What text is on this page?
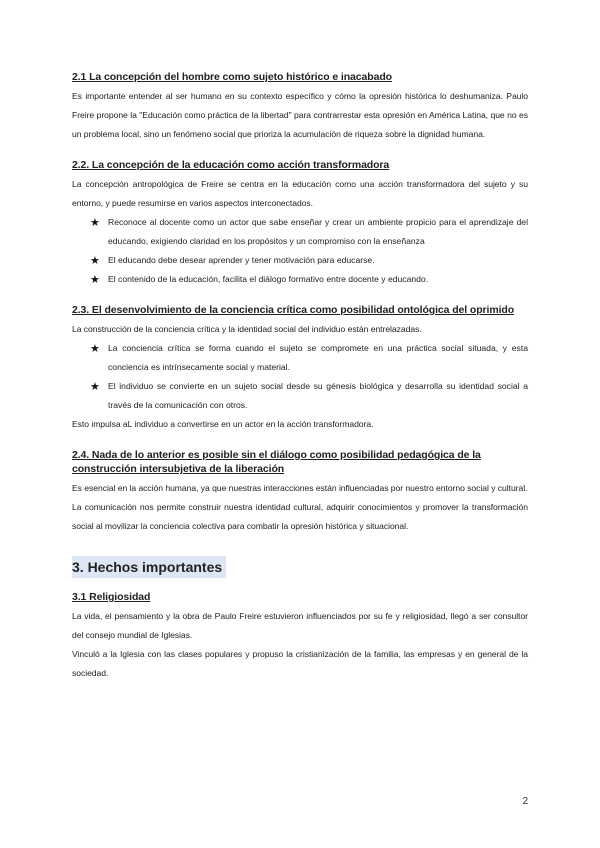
2.1 La concepción del hombre como sujeto histórico e inacabado

Es importante entender al ser humano en su contexto específico y cómo la opresión histórica lo deshumaniza. Paulo Freire propone la "Educación como práctica de la libertad" para contrarrestar esta opresión en América Latina, que no es un problema local, sino un fenómeno social que prioriza la acumulación de riqueza sobre la dignidad humana.

2.2. La concepción de la educación como acción transformadora

La concepción antropológica de Freire se centra en la educación como una acción transformadora del sujeto y su entorno, y puede resumirse en varios aspectos interconectados.

★ Reconoce al docente como un actor que sabe enseñar y crear un ambiente propicio para el aprendizaje del educando, exigiendo claridad en los propósitos y un compromiso con la enseñanza
★ El educando debe desear aprender y tener motivación para educarse.
★ El contenido de la educación, facilita el diálogo formativo entre docente y educando.
2.3. El desenvolvimiento de la conciencia crítica como posibilidad ontológica del oprimido

La construcción de la conciencia crítica y la identidad social del individuo están entrelazadas.

★ La conciencia crítica se forma cuando el sujeto se compromete en una práctica social situada, y esta conciencia es intrínsecamente social y material.
★ El individuo se convierte en un sujeto social desde su génesis biológica y desarrolla su identidad social a través de la comunicación con otros.

Esto impulsa aL individuo a convertirse en un actor en la acción transformadora.

2.4. Nada de lo anterior es posible sin el diálogo como posibilidad pedagógica de la construcción intersubjetiva de la liberación

Es esencial en la acción humana, ya que nuestras interacciones están influenciadas por nuestro entorno social y cultural.

La comunicación nos permite construir nuestra identidad cultural, adquirir conocimientos y promover la transformación social al movilizar la conciencia colectiva para combatir la opresión histórica y situacional.

3. Hechos importantes
3.1 Religiosidad

La vida, el pensamiento y la obra de Paulo Freire estuvieron influenciados por su fe y religiosidad, llegó a ser consultor del consejo mundial de Iglesias.

Vinculó a la Iglesia con las clases populares y propuso la cristianización de la familia, las empresas y en general de la sociedad.

2
